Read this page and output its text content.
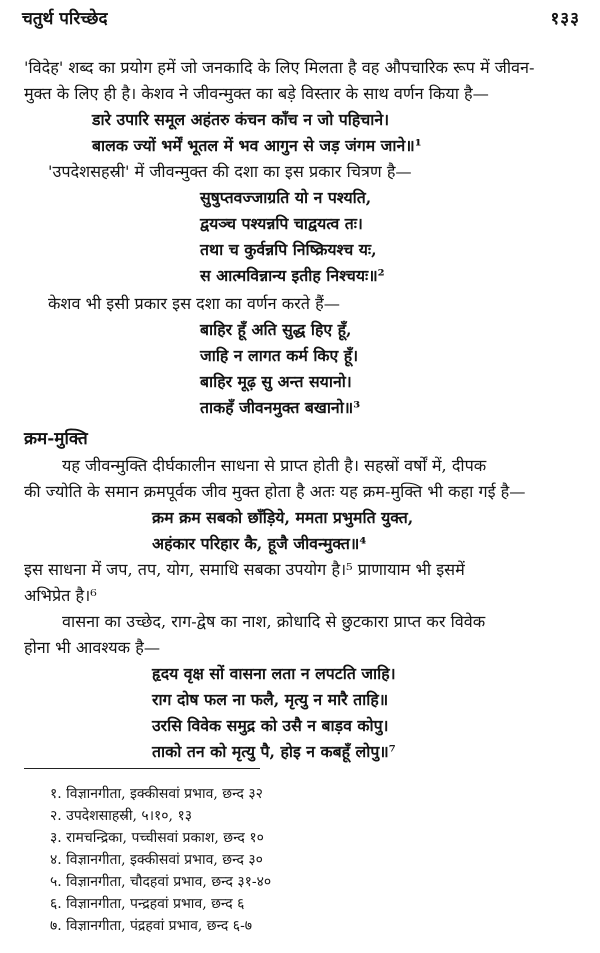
चतुर्थ परिच्छेद	१३३
'विदेह' शब्द का प्रयोग हमें जो जनकादि के लिए मिलता है वह औपचारिक रूप में जीवन-
मुक्त के लिए ही है। केशव ने जीवन्मुक्त का बड़े विस्तार के साथ वर्णन किया है—
डारे उपारि समूल अहंतरु कंचन काँच न जो पहिचाने।
बालक ज्यों भर्में भूतल में भव आगुन से जड़ जंगम जाने॥¹
'उपदेशसहस्री' में जीवन्मुक्त की दशा का इस प्रकार चित्रण है—
सुषुप्तवज्जाग्रति यो न पश्यति,
द्वयञ्च पश्यन्नपि चाद्वयत्व तः।
तथा च कुर्वन्नपि निष्क्रियश्च यः,
स आत्मविन्नान्य इतीह निश्चयः॥²
केशव भी इसी प्रकार इस दशा का वर्णन करते हैं—
बाहिर हूँ अति सुद्ध हिए हूँ,
जाहि न लागत कर्म किए हूँ।
बाहिर मूढ़ सु अन्त सयानो।
ताकहँ जीवनमुक्त बखानो॥³
क्रम-मुक्ति
यह जीवन्मुक्ति दीर्घकालीन साधना से प्राप्त होती है। सहस्रों वर्षों में, दीपक
की ज्योति के समान क्रमपूर्वक जीव मुक्त होता है अतः यह क्रम-मुक्ति भी कहा गई है—
क्रम क्रम सबको छाँड़िये, ममता प्रभुमति युक्त,
अहंकार परिहार कै, हूजै जीवन्मुक्त॥⁴
इस साधना में जप, तप, योग, समाधि सबका उपयोग है।⁵ प्राणायाम भी इसमें
अभिप्रेत है।⁶
वासना का उच्छेद, राग-द्वेष का नाश, क्रोधादि से छुटकारा प्राप्त कर विवेक
होना भी आवश्यक है—
हृदय वृक्ष सों वासना लता न लपटति जाहि।
राग दोष फल ना फलै, मृत्यु न मारै ताहि॥
उरसि विवेक समुद्र को उसै न बाड़व कोपु।
ताको तन को मृत्यु पै, होइ न कबहूँ लोपु॥⁷
१. विज्ञानगीता, इक्कीसवां प्रभाव, छन्द ३२
२. उपदेशसाहस्री, ५।१०, १३
३. रामचन्द्रिका, पच्चीसवां प्रकाश, छन्द १०
४. विज्ञानगीता, इक्कीसवां प्रभाव, छन्द ३०
५. विज्ञानगीता, चौदहवां प्रभाव, छन्द ३१-४०
६. विज्ञानगीता, पन्द्रहवां प्रभाव, छन्द ६
७. विज्ञानगीता, पंद्रहवां प्रभाव, छन्द ६-७
